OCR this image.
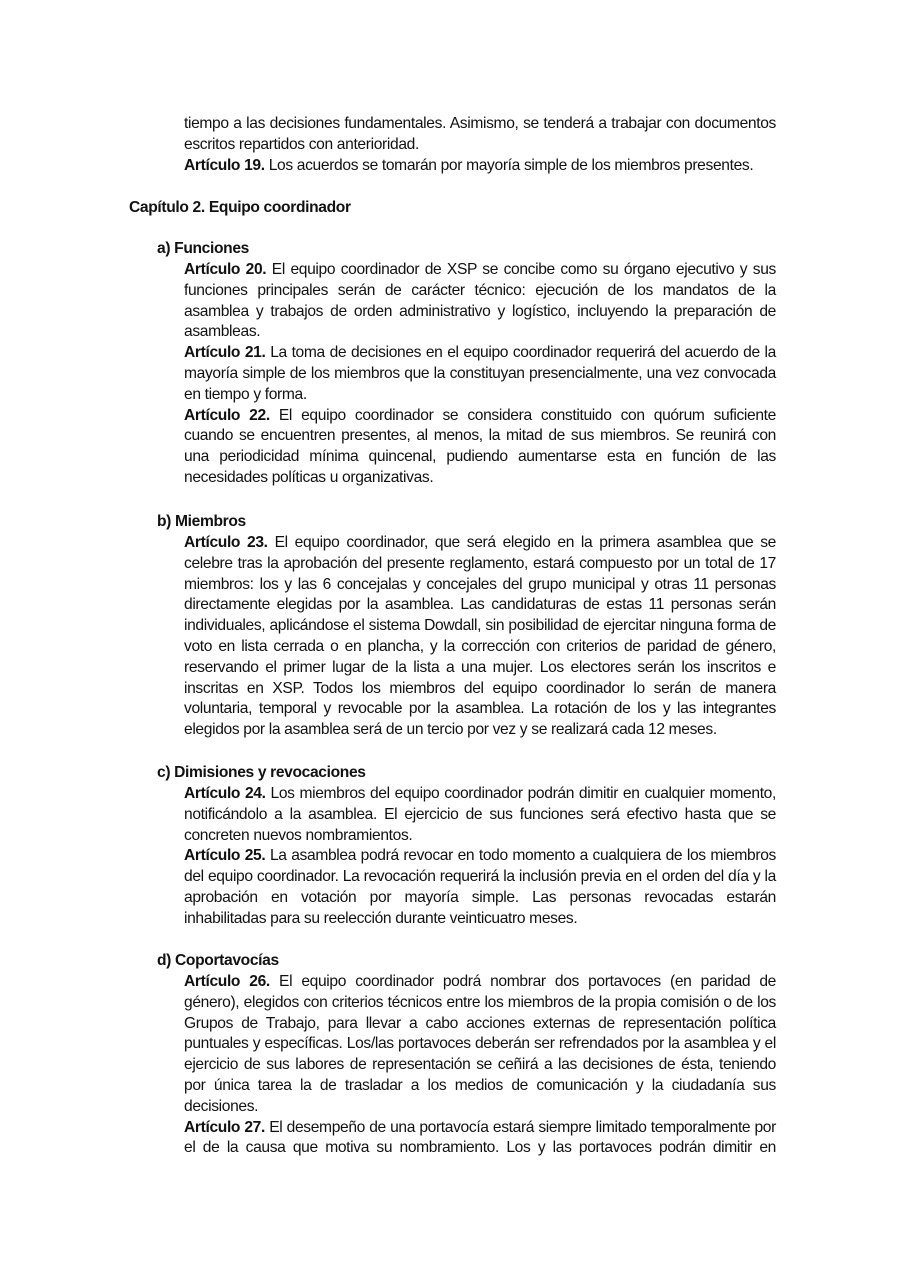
tiempo a las decisiones fundamentales. Asimismo, se tenderá a trabajar con documentos escritos repartidos con anterioridad.

Artículo 19. Los acuerdos se tomarán por mayoría simple de los miembros presentes.

Capítulo 2. Equipo coordinador
a) Funciones

Artículo 20. El equipo coordinador de XSP se concibe como su órgano ejecutivo y sus funciones principales serán de carácter técnico: ejecución de los mandatos de la asamblea y trabajos de orden administrativo y logístico, incluyendo la preparación de asambleas.

Artículo 21. La toma de decisiones en el equipo coordinador requerirá del acuerdo de la mayoría simple de los miembros que la constituyan presencialmente, una vez convocada en tiempo y forma.

Artículo 22. El equipo coordinador se considera constituido con quórum suficiente cuando se encuentren presentes, al menos, la mitad de sus miembros. Se reunirá con una periodicidad mínima quincenal, pudiendo aumentarse esta en función de las necesidades políticas u organizativas.

b) Miembros

Artículo 23. El equipo coordinador, que será elegido en la primera asamblea que se celebre tras la aprobación del presente reglamento, estará compuesto por un total de 17 miembros: los y las 6 concejalas y concejales del grupo municipal y otras 11 personas directamente elegidas por la asamblea. Las candidaturas de estas 11 personas serán individuales, aplicándose el sistema Dowdall, sin posibilidad de ejercitar ninguna forma de voto en lista cerrada o en plancha, y la corrección con criterios de paridad de género, reservando el primer lugar de la lista a una mujer. Los electores serán los inscritos e inscritas en XSP. Todos los miembros del equipo coordinador lo serán de manera voluntaria, temporal y revocable por la asamblea. La rotación de los y las integrantes elegidos por la asamblea será de un tercio por vez y se realizará cada 12 meses.

c) Dimisiones y revocaciones

Artículo 24. Los miembros del equipo coordinador podrán dimitir en cualquier momento, notificándolo a la asamblea. El ejercicio de sus funciones será efectivo hasta que se concreten nuevos nombramientos.

Artículo 25. La asamblea podrá revocar en todo momento a cualquiera de los miembros del equipo coordinador. La revocación requerirá la inclusión previa en el orden del día y la aprobación en votación por mayoría simple. Las personas revocadas estarán inhabilitadas para su reelección durante veinticuatro meses.

d) Coportavocías

Artículo 26. El equipo coordinador podrá nombrar dos portavoces (en paridad de género), elegidos con criterios técnicos entre los miembros de la propia comisión o de los Grupos de Trabajo, para llevar a cabo acciones externas de representación política puntuales y específicas. Los/las portavoces deberán ser refrendados por la asamblea y el ejercicio de sus labores de representación se ceñirá a las decisiones de ésta, teniendo por única tarea la de trasladar a los medios de comunicación y la ciudadanía sus decisiones.

Artículo 27. El desempeño de una portavocía estará siempre limitado temporalmente por el de la causa que motiva su nombramiento. Los y las portavoces podrán dimitir en
